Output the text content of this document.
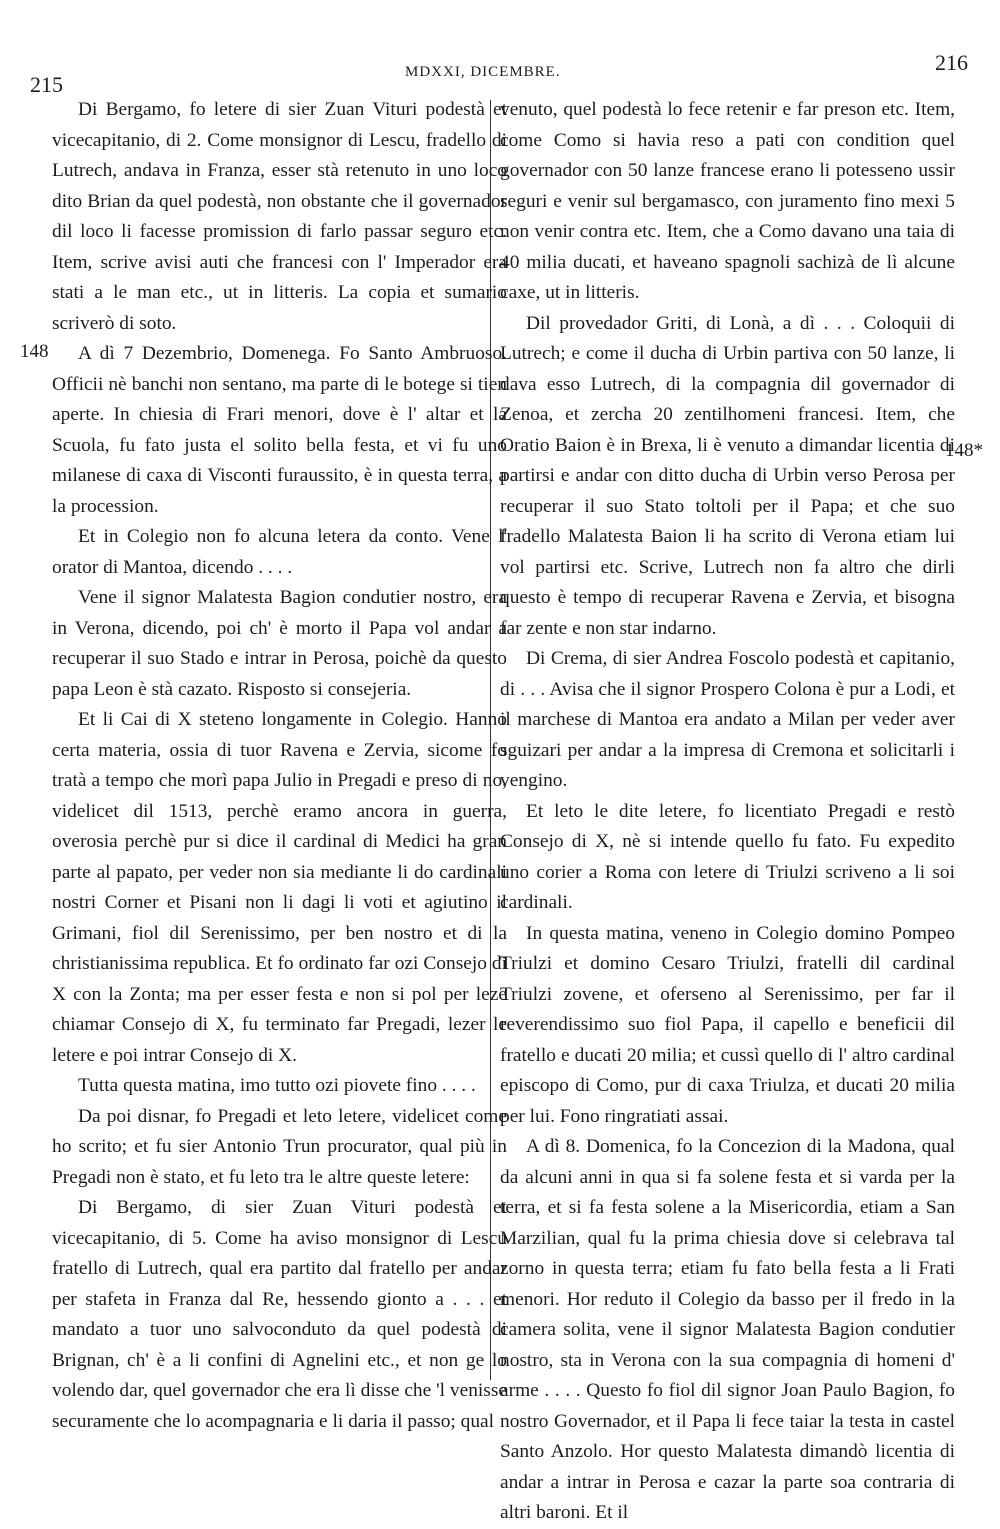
215	MDXXI, DICEMBRE.	216
148
148*

Di Bergamo, fo letere di sier Zuan Vituri podestà et vicecapitanio, di 2. Come monsignor di Lescu, fradello di Lutrech, andava in Franza, esser stà retenuto in uno loco dito Brian da quel podestà, non obstante che il governador dil loco li facesse promission di farlo passar seguro etc. Item, scrive avisi auti che francesi con l' Imperador era stati a le man etc., ut in litteris. La copia et sumario scriverò di soto.

A dì 7 Dezembrio, Domenega. Fo Santo Ambruoso. Officii nè banchi non sentano, ma parte di le botege si tien aperte. In chiesia di Frari menori, dove è l' altar et la Scuola, fu fato justa el solito bella festa, et vi fu uno milanese di caxa di Visconti furaussito, è in questa terra, a la procession.

Et in Colegio non fo alcuna letera da conto. Vene l' orator di Mantoa, dicendo . . . .

Vene il signor Malatesta Bagion condutier nostro, era in Verona, dicendo, poi ch' è morto il Papa vol andar a recuperar il suo Stado e intrar in Perosa, poichè da questo papa Leon è stà cazato. Risposto si consejeria.

Et li Cai di X steteno longamente in Colegio. Hanno certa materia, ossia di tuor Ravena e Zervia, sicome fo tratà a tempo che morì papa Julio in Pregadi e preso di no, videlicet dil 1513, perchè eramo ancora in guerra, overosia perchè pur si dice il cardinal di Medici ha gran parte al papato, per veder non sia mediante li do cardinali nostri Corner et Pisani non li dagi li voti et agiutino il Grimani, fiol dil Serenissimo, per ben nostro et di la christianissima republica. Et fo ordinato far ozi Consejo di X con la Zonta; ma per esser festa e non si pol per leze chiamar Consejo di X, fu terminato far Pregadi, lezer le letere e poi intrar Consejo di X.

Tutta questa matina, imo tutto ozi piovete fino . . . .

Da poi disnar, fo Pregadi et leto letere, videlicet come ho scrito; et fu sier Antonio Trun procurator, qual più in Pregadi non è stato, et fu leto tra le altre queste letere:

Di Bergamo, di sier Zuan Vituri podestà et vicecapitanio, di 5. Come ha aviso monsignor di Lescu fratello di Lutrech, qual era partito dal fratello per andar per stafeta in Franza dal Re, hessendo gionto a . . . et mandato a tuor uno salvoconduto da quel podestà di Brignan, ch' è a li confini di Agnelini etc., et non ge lo volendo dar, quel governador che era lì disse che 'l venisse securamente che lo acompagnaria e li daria il passo; qual

venuto, quel podestà lo fece retenir e far preson etc. Item, come Como si havia reso a pati con condition quel governador con 50 lanze francese erano li potesseno ussir seguri e venir sul bergamasco, con juramento fino mexi 5 non venir contra etc. Item, che a Como davano una taia di 40 milia ducati, et haveano spagnoli sachizà de lì alcune caxe, ut in litteris.

Dil provedador Griti, di Lonà, a dì . . . Coloquii di Lutrech; e come il ducha di Urbin partiva con 50 lanze, li dava esso Lutrech, di la compagnia dil governador di Zenoa, et zercha 20 zentilhomeni francesi. Item, che Oratio Baion è in Brexa, li è venuto a dimandar licentia di partirsi e andar con ditto ducha di Urbin verso Perosa per recuperar il suo Stato toltoli per il Papa; et che suo fradello Malatesta Baion li ha scrito di Verona etiam lui vol partirsi etc. Scrive, Lutrech non fa altro che dirli questo è tempo di recuperar Ravena e Zervia, et bisogna far zente e non star indarno.

Di Crema, di sier Andrea Foscolo podestà et capitanio, di . . . Avisa che il signor Prospero Colona è pur a Lodi, et il marchese di Mantoa era andato a Milan per veder aver sguizari per andar a la impresa di Cremona et solicitarli i vengino.

Et leto le dite letere, fo licentiato Pregadi e restò Consejo di X, nè si intende quello fu fato. Fu expedito uno corier a Roma con letere di Triulzi scriveno a li soi cardinali.

In questa matina, veneno in Colegio domino Pompeo Triulzi et domino Cesaro Triulzi, fratelli dil cardinal Triulzi zovene, et oferseno al Serenissimo, per far il reverendissimo suo fiol Papa, il capello e beneficii dil fratello e ducati 20 milia; et cussì quello di l' altro cardinal episcopo di Como, pur di caxa Triulza, et ducati 20 milia per lui. Fono ringratiati assai.

A dì 8. Domenica, fo la Concezion di la Madona, qual da alcuni anni in qua si fa solene festa et si varda per la terra, et si fa festa solene a la Misericordia, etiam a San Marzilian, qual fu la prima chiesia dove si celebrava tal zorno in questa terra; etiam fu fato bella festa a li Frati menori. Hor reduto il Colegio da basso per il fredo in la camera solita, vene il signor Malatesta Bagion condutier nostro, sta in Verona con la sua compagnia di homeni d' arme . . . . Questo fo fiol dil signor Joan Paulo Bagion, fo nostro Governador, et il Papa li fece taiar la testa in castel Santo Anzolo. Hor questo Malatesta dimandò licentia di andar a intrar in Perosa e cazar la parte soa contraria di altri baroni. Et il
